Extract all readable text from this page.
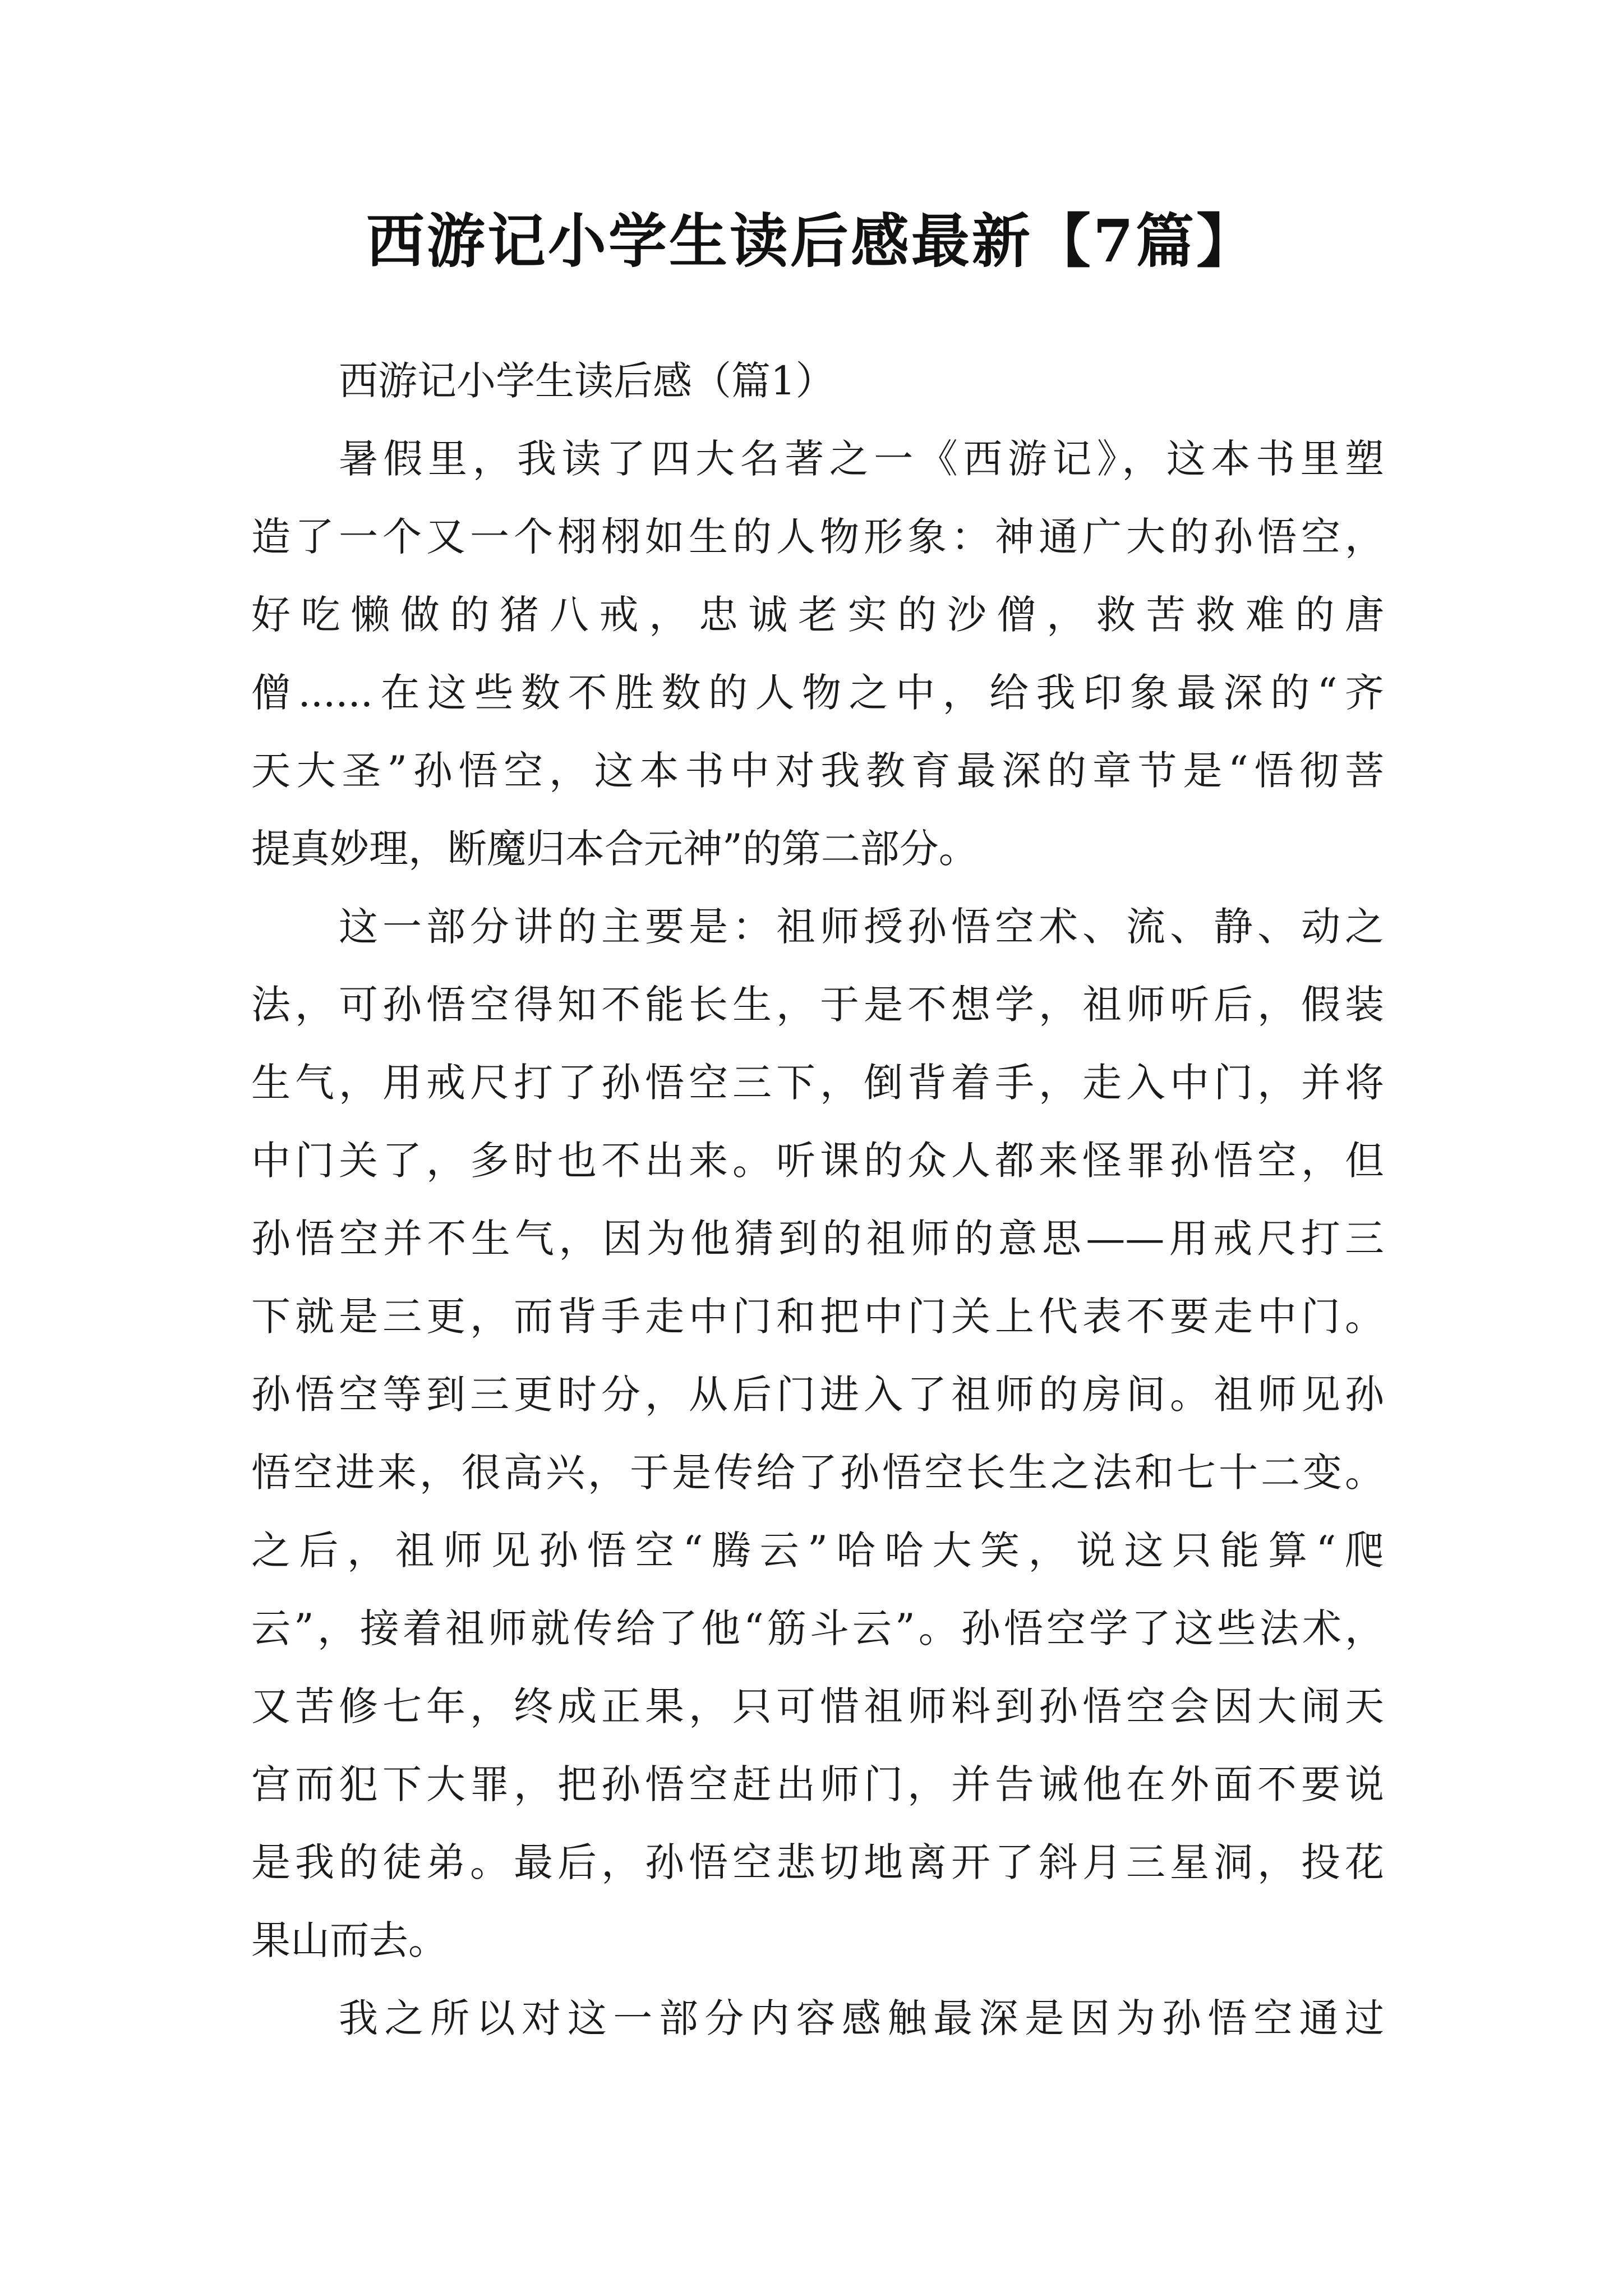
西游记小学生读后感最新【7篇】
西游记小学生读后感（篇1）
暑假里，我读了四大名著之一《西游记》，这本书里塑
造了一个又一个栩栩如生的人物形象：神通广大的孙悟空，
好吃懒做的猪八戒，忠诚老实的沙僧，救苦救难的唐
僧......在这些数不胜数的人物之中，给我印象最深的“齐
天大圣”孙悟空，这本书中对我教育最深的章节是“悟彻菩
提真妙理，断魔归本合元神”的第二部分。
这一部分讲的主要是：祖师授孙悟空术、流、静、动之
法，可孙悟空得知不能长生，于是不想学，祖师听后，假装
生气，用戒尺打了孙悟空三下，倒背着手，走入中门，并将
中门关了，多时也不出来。听课的众人都来怪罪孙悟空，但
孙悟空并不生气，因为他猜到的祖师的意思——用戒尺打三
下就是三更，而背手走中门和把中门关上代表不要走中门。
孙悟空等到三更时分，从后门进入了祖师的房间。祖师见孙
悟空进来，很高兴，于是传给了孙悟空长生之法和七十二变。
之后，祖师见孙悟空“腾云”哈哈大笑，说这只能算“爬
云”，接着祖师就传给了他“筋斗云”。孙悟空学了这些法术，
又苦修七年，终成正果，只可惜祖师料到孙悟空会因大闹天
宫而犯下大罪，把孙悟空赶出师门，并告诫他在外面不要说
是我的徒弟。最后，孙悟空悲切地离开了斜月三星洞，投花
果山而去。
我之所以对这一部分内容感触最深是因为孙悟空通过
